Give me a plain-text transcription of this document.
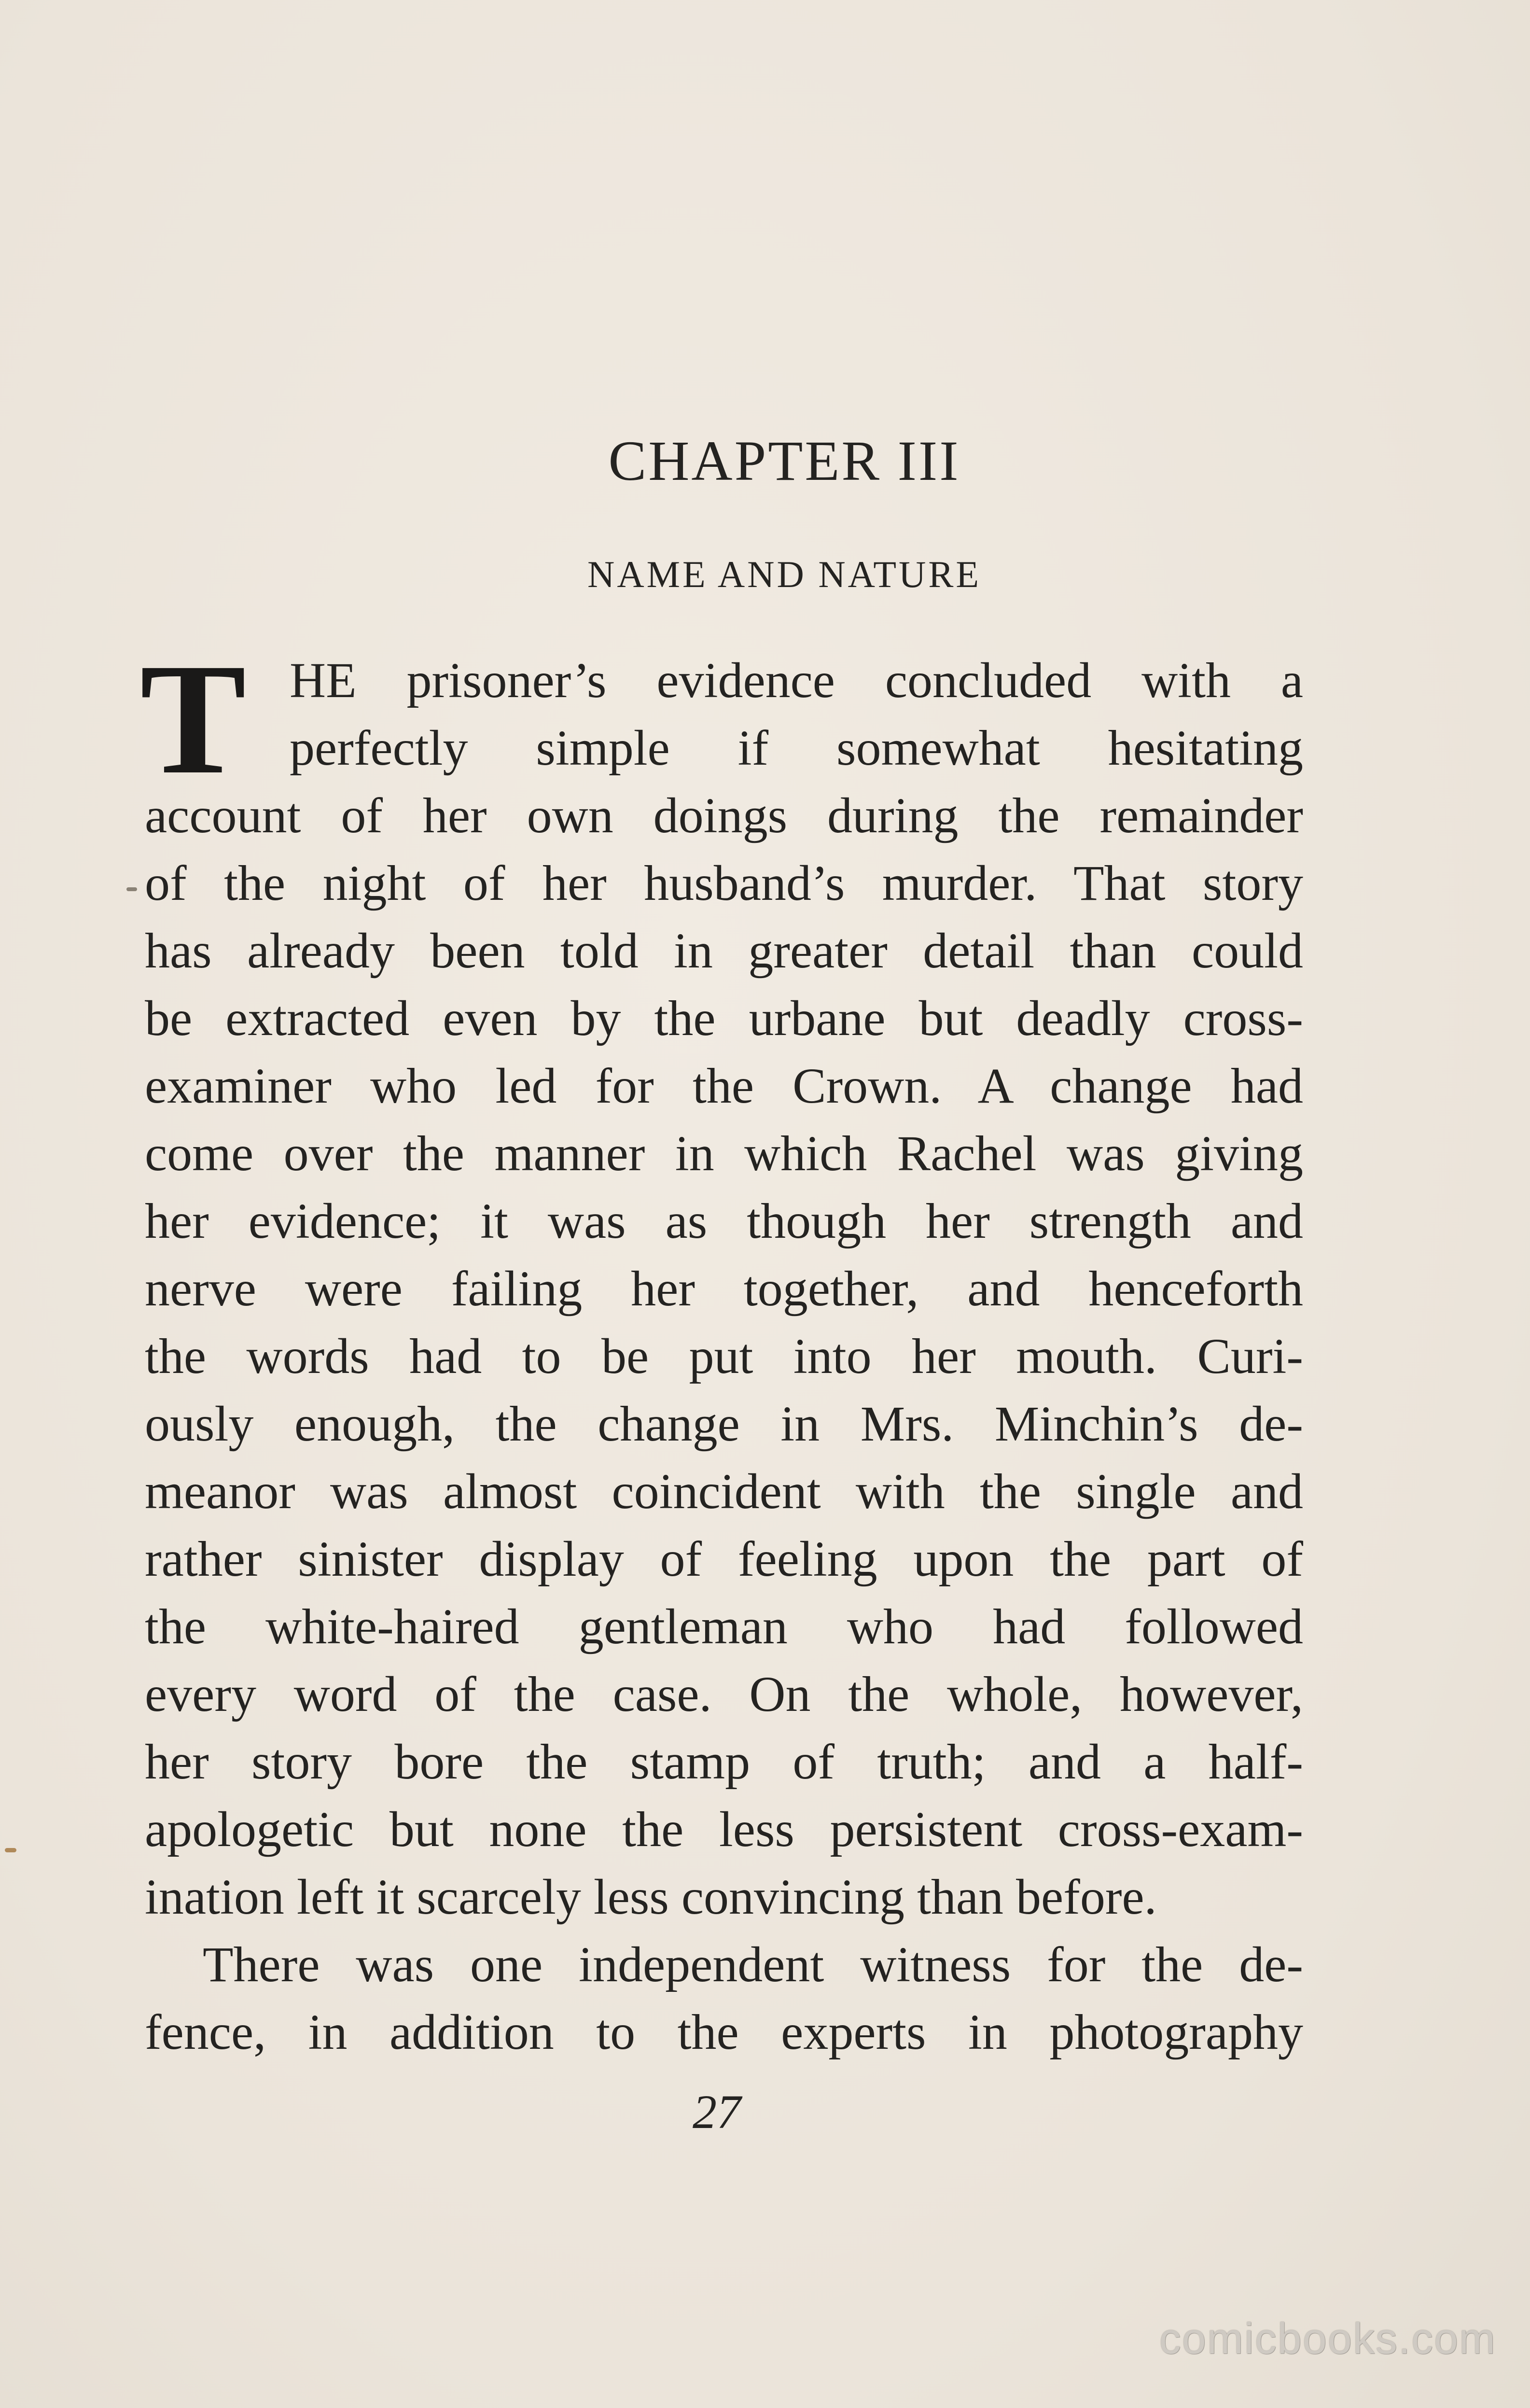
CHAPTER III
NAME AND NATURE
T HE prisoner’s evidence concluded with a
perfectly simple if somewhat hesitating
account of her own doings during the remainder
of the night of her husband’s murder. That story
has already been told in greater detail than could
be extracted even by the urbane but deadly cross-
examiner who led for the Crown. A change had
come over the manner in which Rachel was giving
her evidence; it was as though her strength and
nerve were failing her together, and henceforth
the words had to be put into her mouth. Curi-
ously enough, the change in Mrs. Minchin’s de-
meanor was almost coincident with the single and
rather sinister display of feeling upon the part of
the white-haired gentleman who had followed
every word of the case. On the whole, however,
her story bore the stamp of truth; and a half-
apologetic but none the less persistent cross-exam-
ination left it scarcely less convincing than before.
There was one independent witness for the de-
fence, in addition to the experts in photography
27
comicbooks.com
